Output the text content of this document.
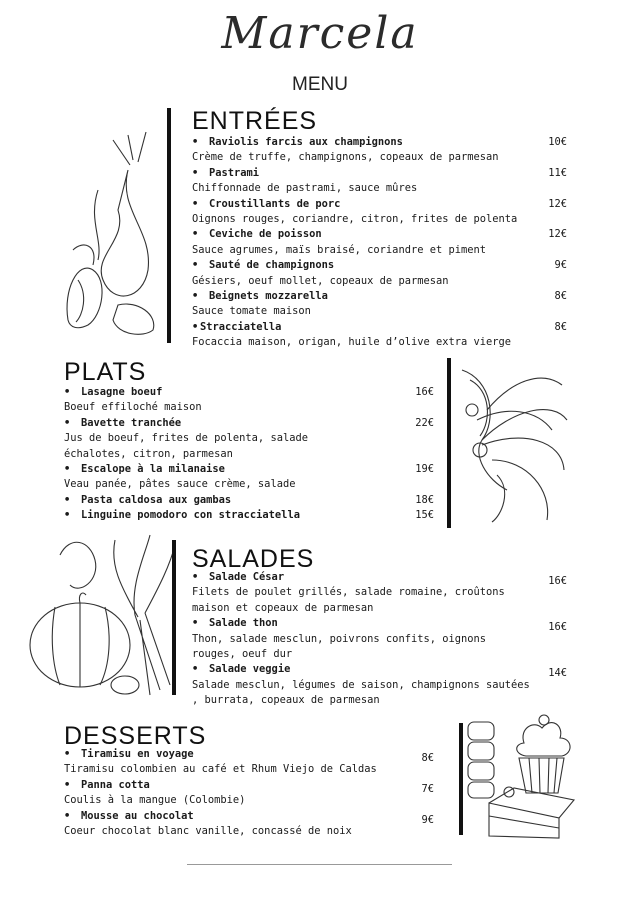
Marcela
MENU
ENTRÉES
• Raviolis farcis aux champignons
Crème de truffe, champignons, copeaux de parmesan
10€
• Pastrami
Chiffonnade de pastrami, sauce mûres
11€
• Croustillants de porc
Oignons rouges, coriandre, citron, frites de polenta
12€
• Ceviche de poisson
Sauce agrumes, maïs braisé, coriandre et piment
12€
• Sauté de champignons
Gésiers, oeuf mollet, copeaux de parmesan
9€
• Beignets mozzarella
Sauce tomate maison
8€
• Stracciatella
Focaccia maison, origan, huile d’olive extra vierge
8€
PLATS
• Lasagne boeuf
Boeuf effiloché maison
16€
• Bavette tranchée
Jus de boeuf, frites de polenta, salade échalotes, citron, parmesan
22€
• Escalope à la milanaise
Veau panée, pâtes sauce crème, salade
19€
• Pasta caldosa aux gambas	18€
• Linguine pomodoro con stracciatella	15€
SALADES
• Salade César
Filets de poulet grillés, salade romaine, croûtons maison et copeaux de parmesan
16€
• Salade thon
Thon, salade mesclun, poivrons confits, oignons rouges, oeuf dur
16€
• Salade veggie
Salade mesclun, légumes de saison, champignons sautées , burrata, copeaux de parmesan
14€
DESSERTS
• Tiramisu en voyage
Tiramisu colombien au café et Rhum Viejo de Caldas
8€
• Panna cotta
Coulis à la mangue (Colombie)
7€
• Mousse au chocolat
Coeur chocolat blanc vanille, concassé de noix
9€
